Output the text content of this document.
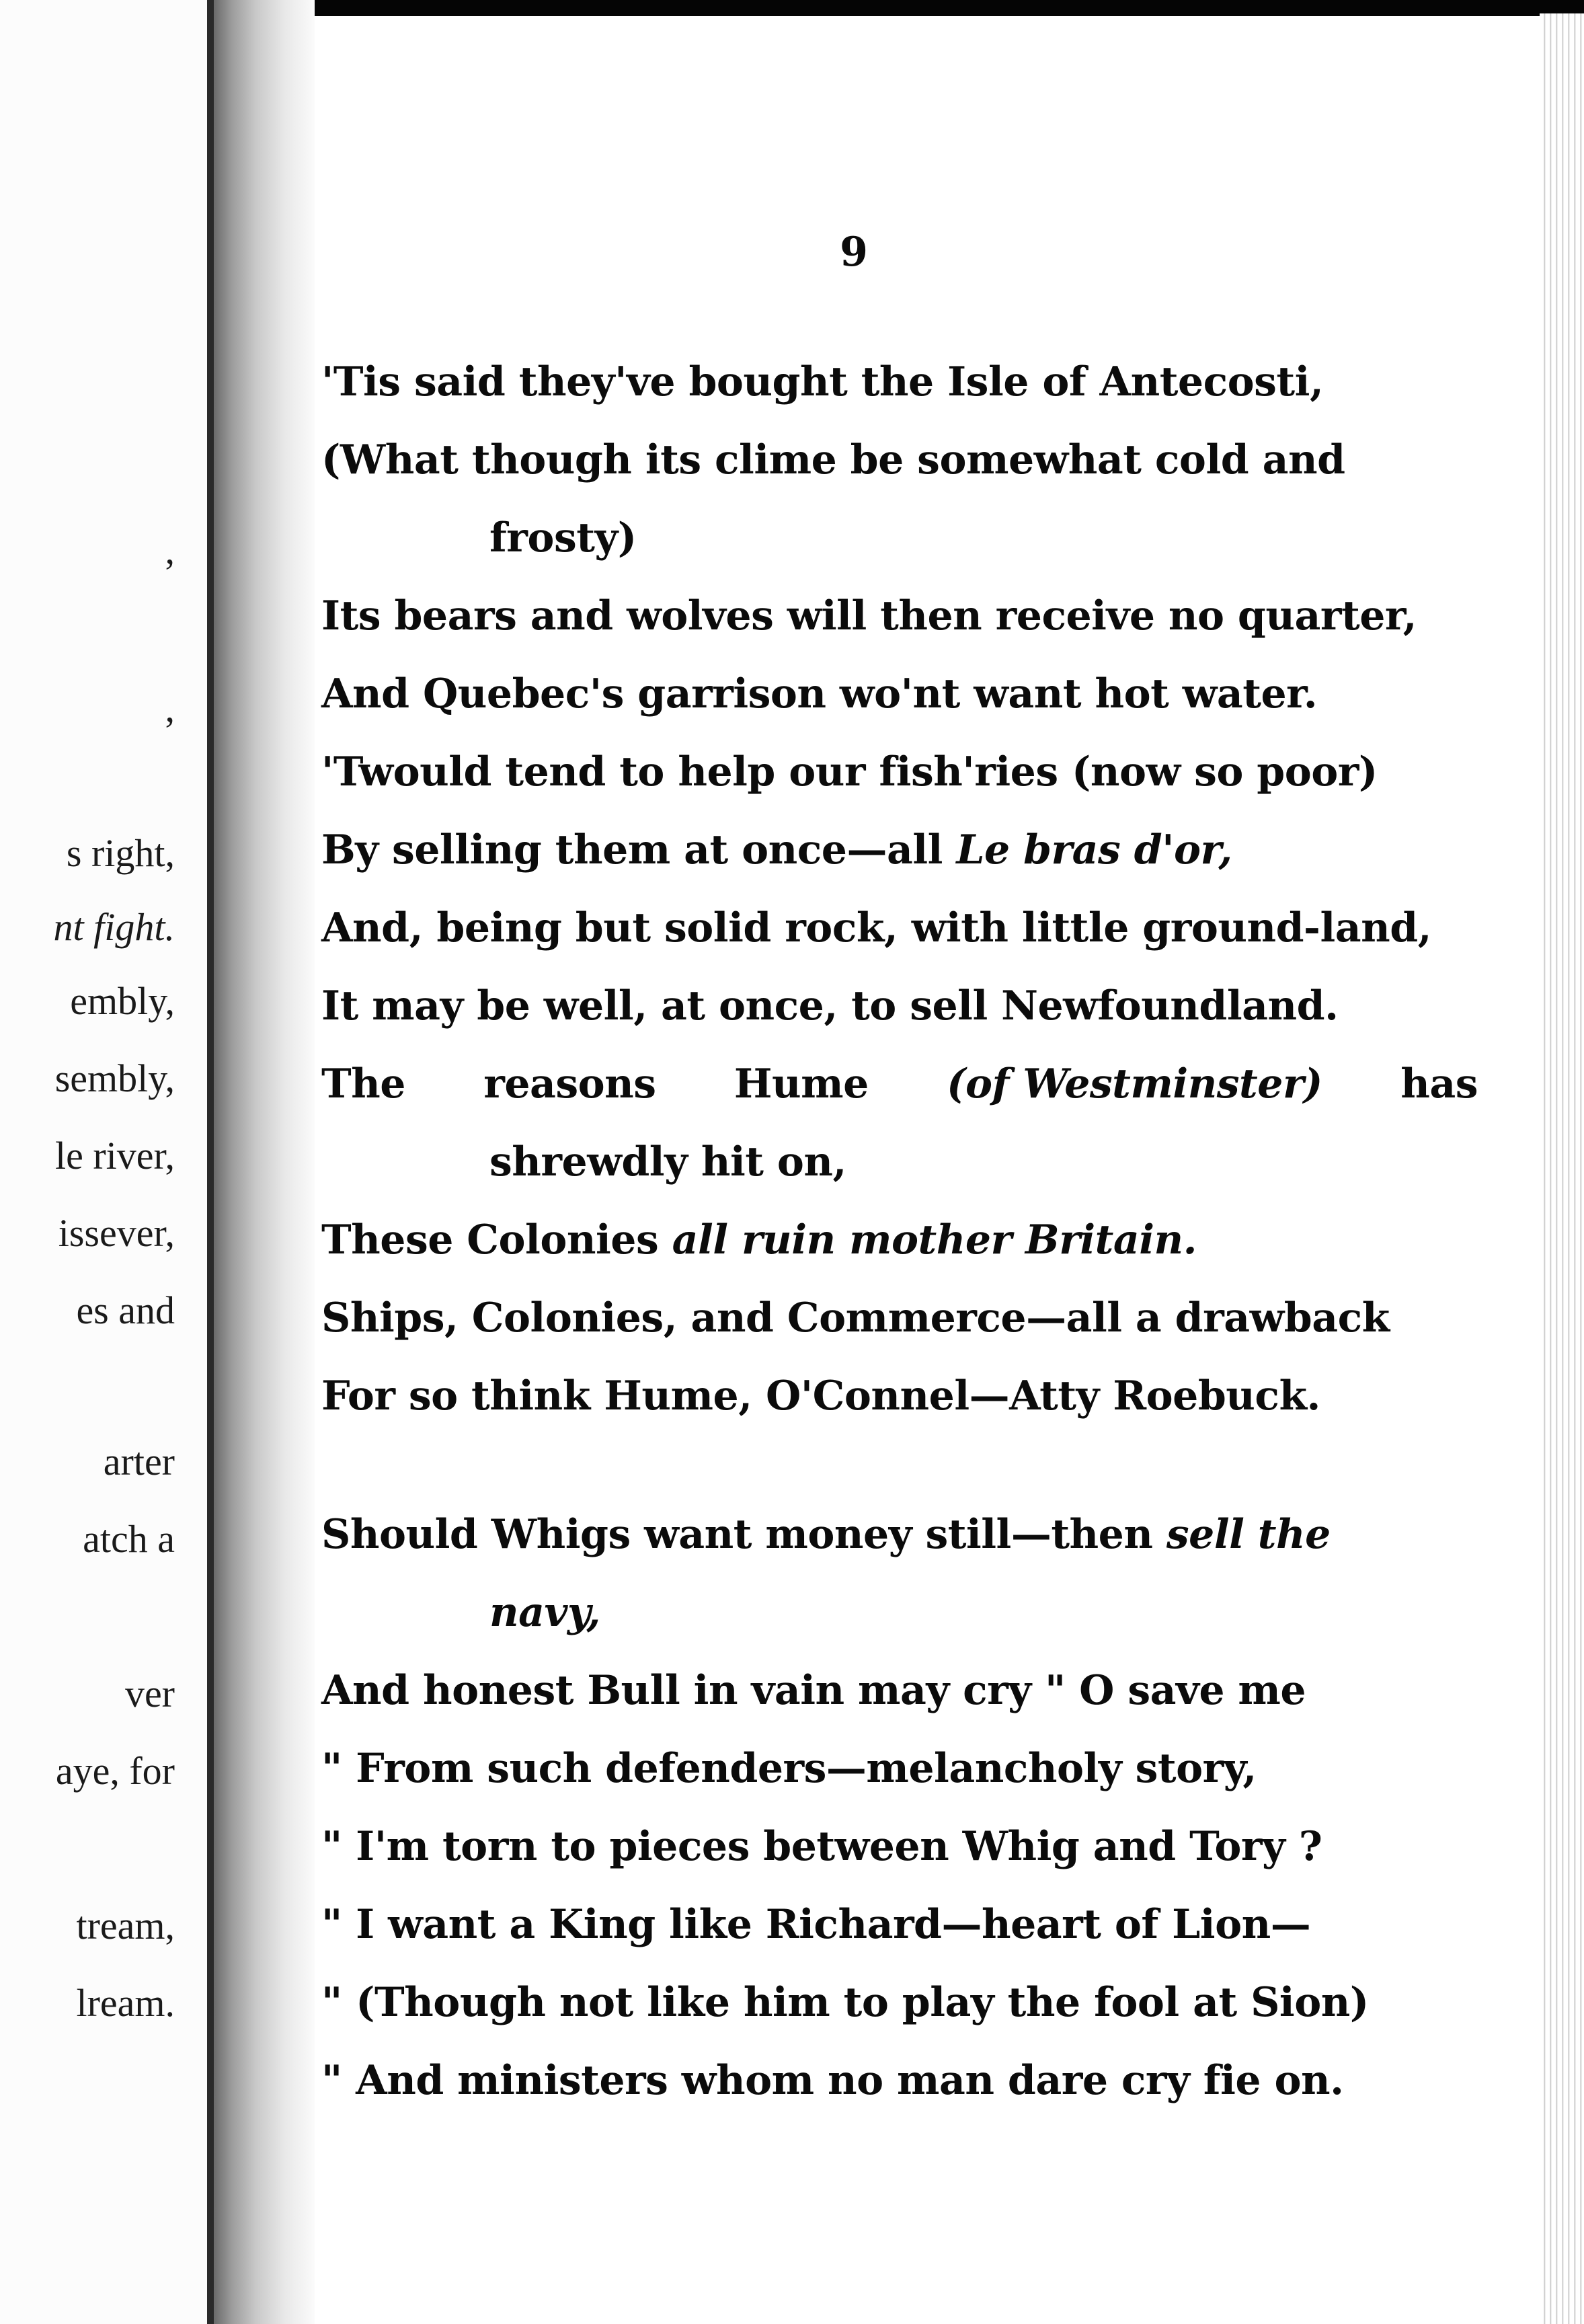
,

,

s right,

nt fight.

embly,

sembly,

le river,

issever,

es and

arter

atch a

ver

aye, for

tream,

lream.

9
'Tis said they've bought the Isle of Antecosti,
(What though its clime be somewhat cold and
frosty)
Its bears and wolves will then receive no quarter,
And Quebec's garrison wo'nt want hot water.
'Twould tend to help our fish'ries (now so poor)
By selling them at once—all Le bras d'or,
And, being but solid rock, with little ground-land,
It may be well, at once, to sell Newfoundland.
The reasons Hume (of Westminster) has
shrewdly hit on,
These Colonies all ruin mother Britain.
Ships, Colonies, and Commerce—all a drawback
For so think Hume, O'Connel—Atty Roebuck.
Should Whigs want money still—then sell the
navy,
And honest Bull in vain may cry " O save me
" From such defenders—melancholy story,
" I'm torn to pieces between Whig and Tory ?
" I want a King like Richard—heart of Lion—
" (Though not like him to play the fool at Sion)
" And ministers whom no man dare cry fie on.
